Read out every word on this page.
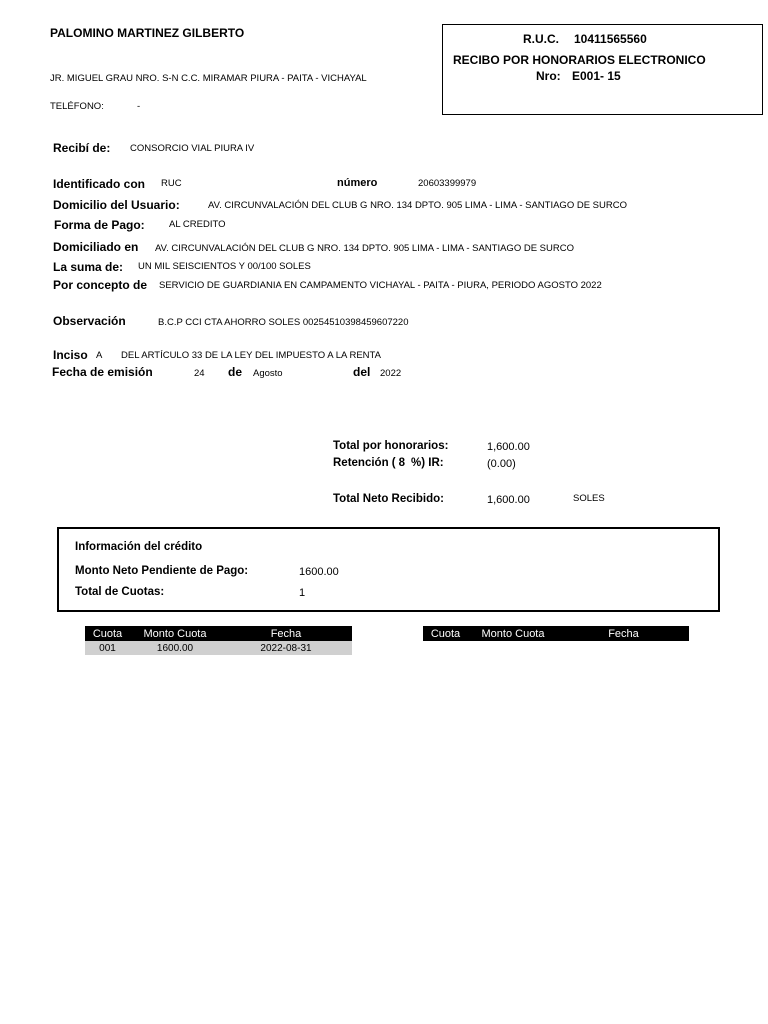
PALOMINO MARTINEZ GILBERTO
JR. MIGUEL GRAU NRO. S-N C.C. MIRAMAR PIURA - PAITA - VICHAYAL
TELÉFONO:	-
R.U.C. 10411565560
RECIBO POR HONORARIOS ELECTRONICO
Nro: E001- 15
Recibí de: CONSORCIO VIAL PIURA IV
Identificado con RUC	número	20603399979
Domicilio del Usuario:	AV. CIRCUNVALACIÓN DEL CLUB G NRO. 134 DPTO. 905 LIMA - LIMA - SANTIAGO DE SURCO
Forma de Pago:	AL CREDITO
Domiciliado en AV. CIRCUNVALACIÓN DEL CLUB G NRO. 134 DPTO. 905 LIMA - LIMA - SANTIAGO DE SURCO
La suma de: UN MIL SEISCIENTOS Y 00/100 SOLES
Por concepto de SERVICIO DE GUARDIANIA EN CAMPAMENTO VICHAYAL - PAITA - PIURA, PERIODO AGOSTO 2022
Observación	B.C.P CCI CTA AHORRO SOLES 00254510398459607220
Inciso A DEL ARTÍCULO 33 DE LA LEY DEL IMPUESTO A LA RENTA
Fecha de emisión	24 de Agosto	del 2022
Total por honorarios:	1,600.00
Retención ( 8 %) IR:	(0.00)
Total Neto Recibido:	1,600.00	SOLES
Información del crédito
Monto Neto Pendiente de Pago:	1600.00
Total de Cuotas:	1
Cuota	Monto Cuota	Fecha
001	1600.00	2022-08-31
Cuota	Monto Cuota	Fecha
